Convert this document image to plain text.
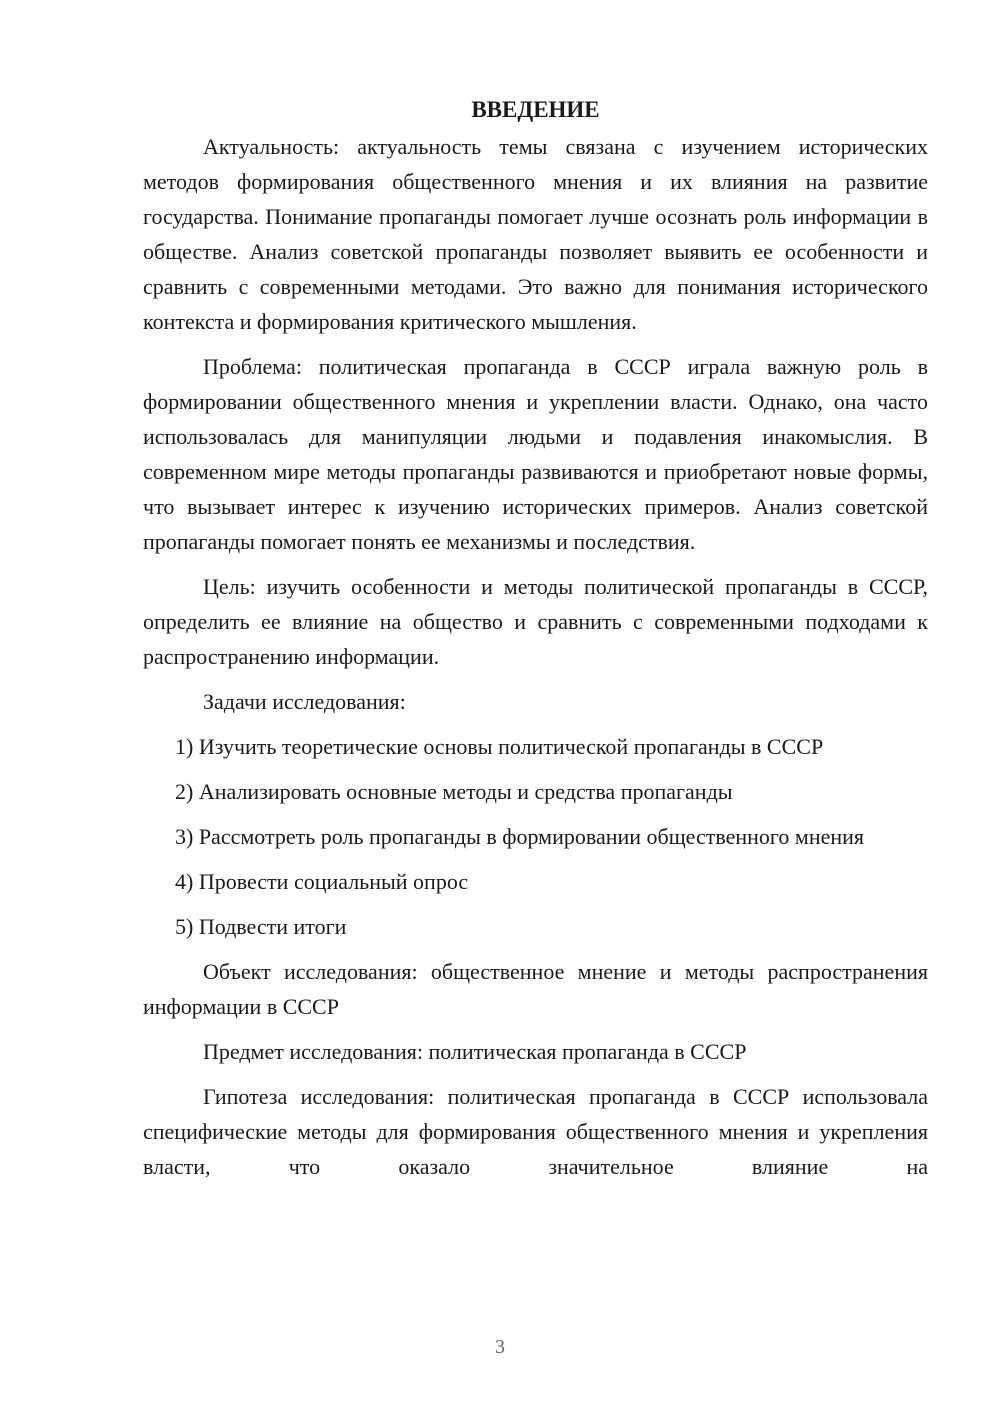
ВВЕДЕНИЕ

Актуальность: актуальность темы связана с изучением исторических методов формирования общественного мнения и их влияния на развитие государства. Понимание пропаганды помогает лучше осознать роль информации в обществе. Анализ советской пропаганды позволяет выявить ее особенности и сравнить с современными методами. Это важно для понимания исторического контекста и формирования критического мышления.

Проблема: политическая пропаганда в СССР играла важную роль в формировании общественного мнения и укреплении власти. Однако, она часто использовалась для манипуляции людьми и подавления инакомыслия. В современном мире методы пропаганды развиваются и приобретают новые формы, что вызывает интерес к изучению исторических примеров. Анализ советской пропаганды помогает понять ее механизмы и последствия.

Цель: изучить особенности и методы политической пропаганды в СССР, определить ее влияние на общество и сравнить с современными подходами к распространению информации.

Задачи исследования:

1) Изучить теоретические основы политической пропаганды в СССР

2) Анализировать основные методы и средства пропаганды

3) Рассмотреть роль пропаганды в формировании общественного мнения

4) Провести социальный опрос

5) Подвести итоги

Объект исследования: общественное мнение и методы распространения информации в СССР

Предмет исследования: политическая пропаганда в СССР

Гипотеза исследования: политическая пропаганда в СССР использовала специфические методы для формирования общественного мнения и укрепления власти, что оказало значительное влияние на

3
